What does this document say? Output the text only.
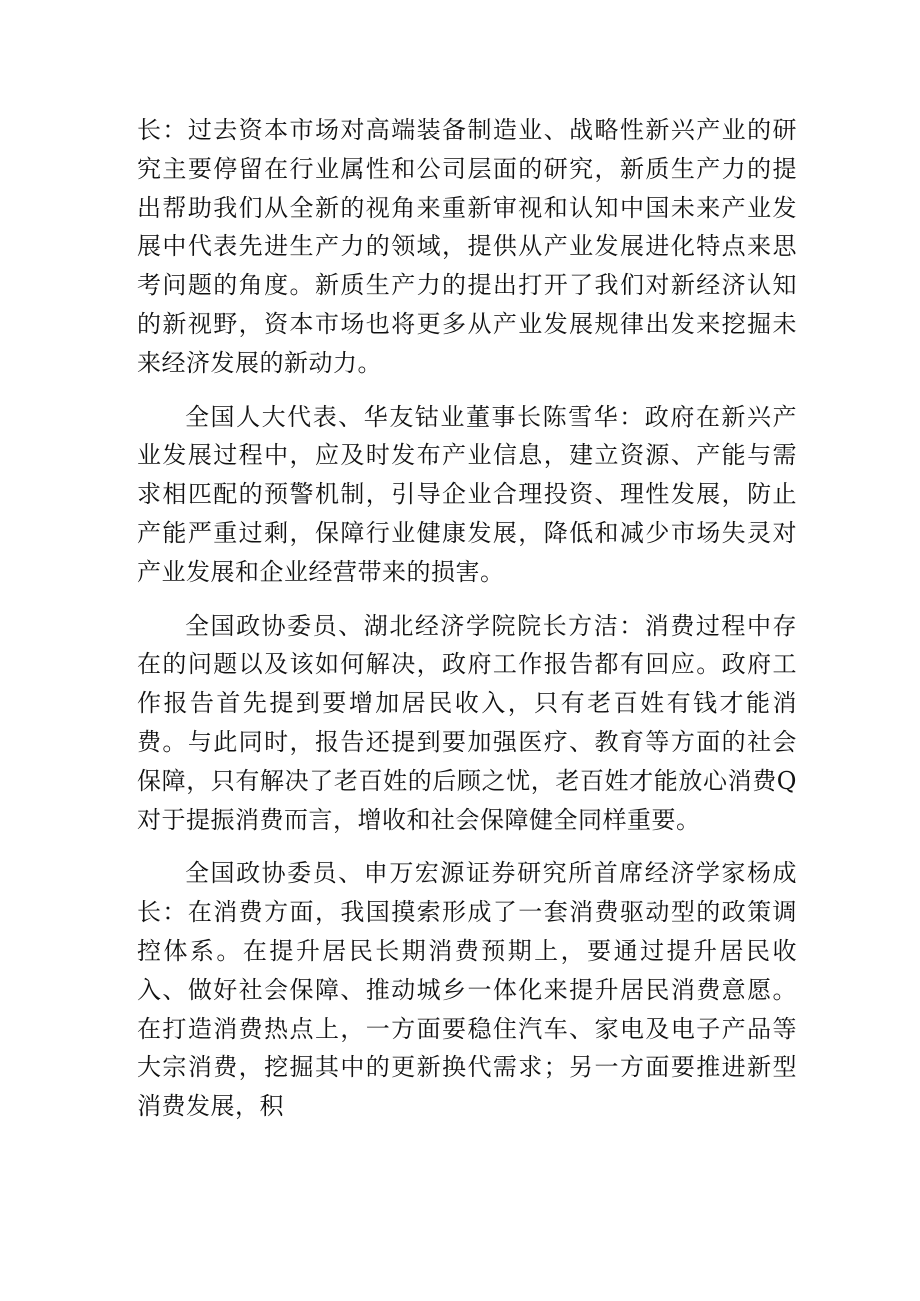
长：过去资本市场对高端装备制造业、战略性新兴产业的研究主要停留在行业属性和公司层面的研究，新质生产力的提出帮助我们从全新的视角来重新审视和认知中国未来产业发展中代表先进生产力的领域，提供从产业发展进化特点来思考问题的角度。新质生产力的提出打开了我们对新经济认知的新视野，资本市场也将更多从产业发展规律出发来挖掘未来经济发展的新动力。

全国人大代表、华友钴业董事长陈雪华：政府在新兴产业发展过程中，应及时发布产业信息，建立资源、产能与需求相匹配的预警机制，引导企业合理投资、理性发展，防止产能严重过剩，保障行业健康发展，降低和减少市场失灵对产业发展和企业经营带来的损害。

全国政协委员、湖北经济学院院长方洁：消费过程中存在的问题以及该如何解决，政府工作报告都有回应。政府工作报告首先提到要增加居民收入，只有老百姓有钱才能消费。与此同时，报告还提到要加强医疗、教育等方面的社会保障，只有解决了老百姓的后顾之忧，老百姓才能放心消费Q对于提振消费而言，增收和社会保障健全同样重要。

全国政协委员、申万宏源证券研究所首席经济学家杨成长：在消费方面，我国摸索形成了一套消费驱动型的政策调控体系。在提升居民长期消费预期上，要通过提升居民收入、做好社会保障、推动城乡一体化来提升居民消费意愿。在打造消费热点上，一方面要稳住汽车、家电及电子产品等大宗消费，挖掘其中的更新换代需求；另一方面要推进新型消费发展，积
